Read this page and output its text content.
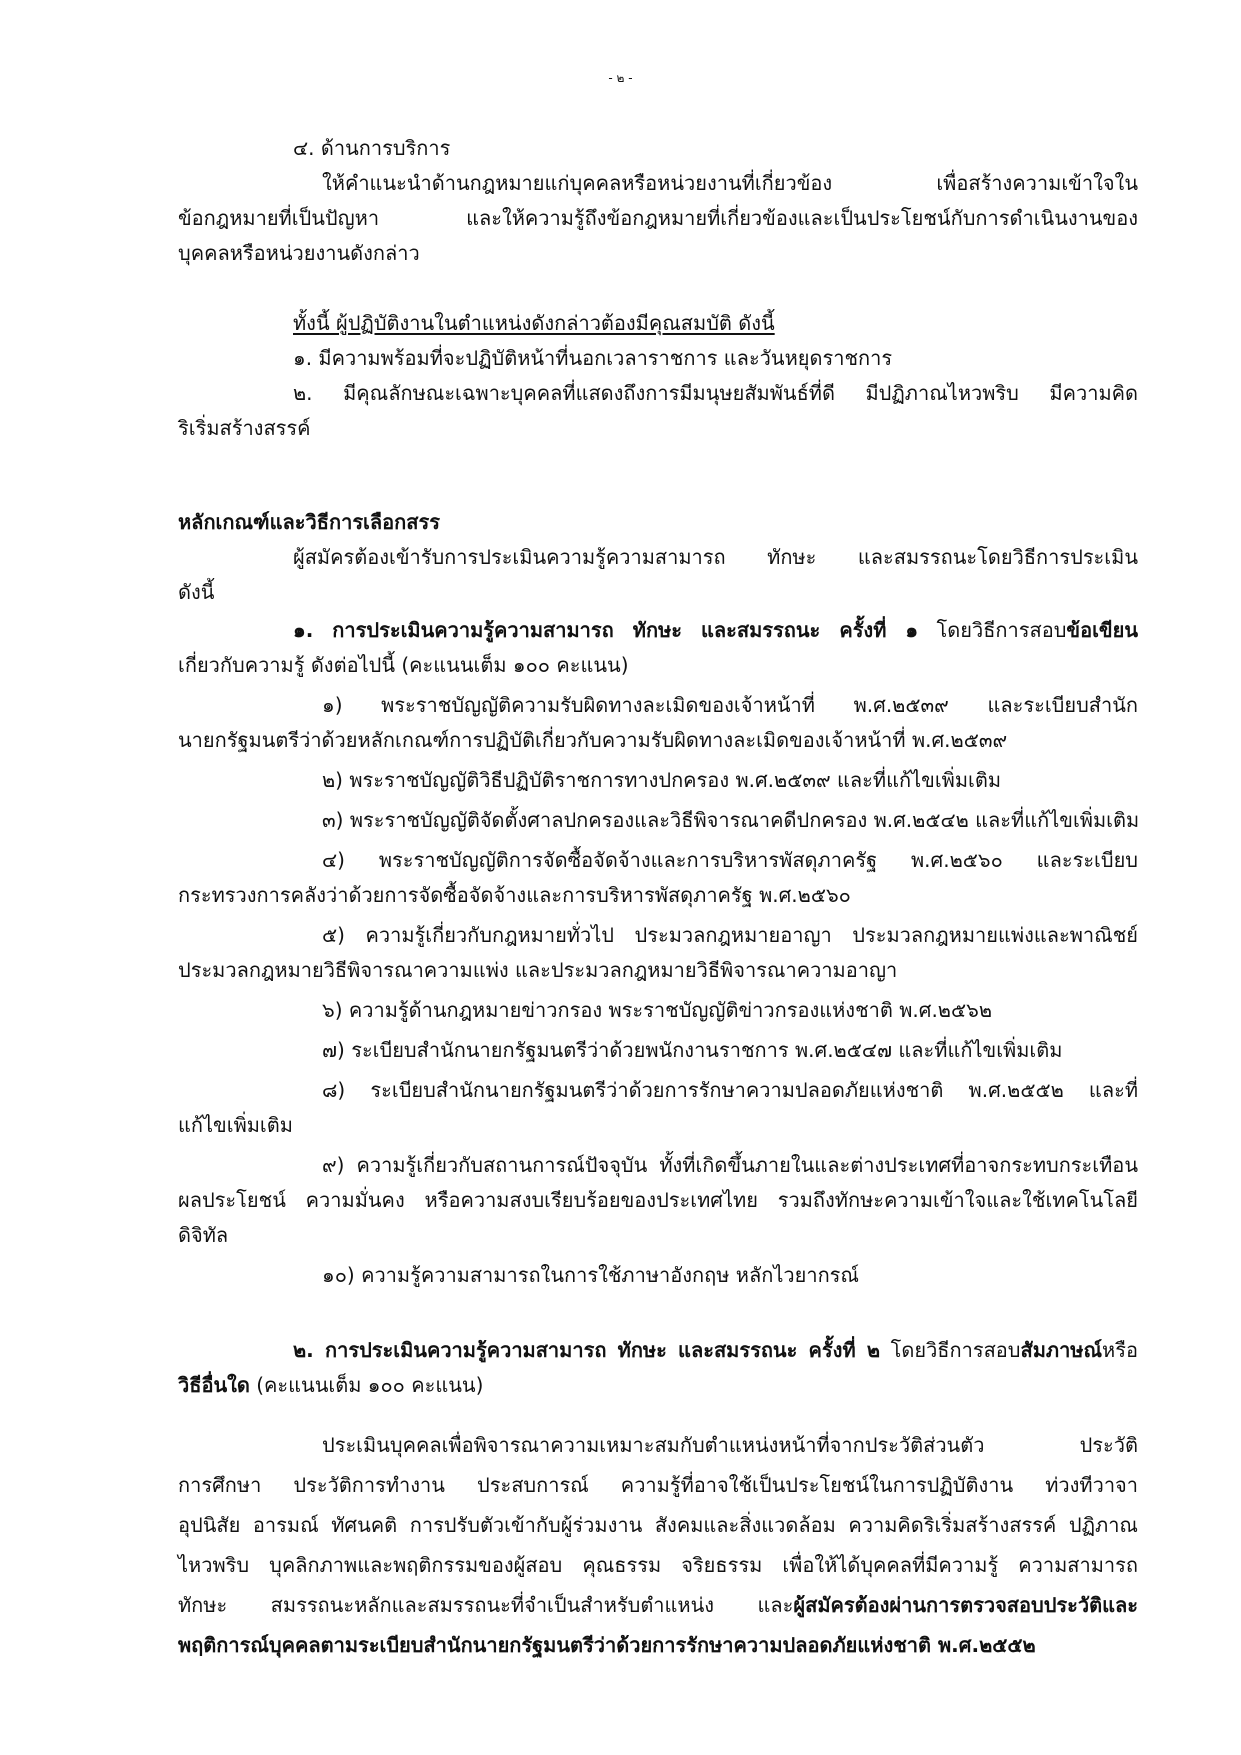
- ๒ -
๔. ด้านการบริการ
ให้คำแนะนำด้านกฎหมายแก่บุคคลหรือหน่วยงานที่เกี่ยวข้อง เพื่อสร้างความเข้าใจใน
ข้อกฎหมายที่เป็นปัญหา และให้ความรู้ถึงข้อกฎหมายที่เกี่ยวข้องและเป็นประโยชน์กับการดำเนินงานของ
บุคคลหรือหน่วยงานดังกล่าว
ทั้งนี้ ผู้ปฏิบัติงานในตำแหน่งดังกล่าวต้องมีคุณสมบัติ ดังนี้
๑. มีความพร้อมที่จะปฏิบัติหน้าที่นอกเวลาราชการ และวันหยุดราชการ
๒. มีคุณลักษณะเฉพาะบุคคลที่แสดงถึงการมีมนุษยสัมพันธ์ที่ดี มีปฏิภาณไหวพริบ มีความคิด
ริเริ่มสร้างสรรค์
หลักเกณฑ์และวิธีการเลือกสรร
ผู้สมัครต้องเข้ารับการประเมินความรู้ความสามารถ ทักษะ และสมรรถนะโดยวิธีการประเมิน
ดังนี้
๑. การประเมินความรู้ความสามารถ ทักษะ และสมรรถนะ ครั้งที่ ๑ โดยวิธีการสอบข้อเขียน
เกี่ยวกับความรู้ ดังต่อไปนี้ (คะแนนเต็ม ๑๐๐ คะแนน)
๑) พระราชบัญญัติความรับผิดทางละเมิดของเจ้าหน้าที่ พ.ศ.๒๕๓๙ และระเบียบสำนัก
นายกรัฐมนตรีว่าด้วยหลักเกณฑ์การปฏิบัติเกี่ยวกับความรับผิดทางละเมิดของเจ้าหน้าที่ พ.ศ.๒๕๓๙
๒) พระราชบัญญัติวิธีปฏิบัติราชการทางปกครอง พ.ศ.๒๕๓๙ และที่แก้ไขเพิ่มเติม
๓) พระราชบัญญัติจัดตั้งศาลปกครองและวิธีพิจารณาคดีปกครอง พ.ศ.๒๕๔๒ และที่แก้ไขเพิ่มเติม
๔) พระราชบัญญัติการจัดซื้อจัดจ้างและการบริหารพัสดุภาครัฐ พ.ศ.๒๕๖๐ และระเบียบ
กระทรวงการคลังว่าด้วยการจัดซื้อจัดจ้างและการบริหารพัสดุภาครัฐ พ.ศ.๒๕๖๐
๕) ความรู้เกี่ยวกับกฎหมายทั่วไป ประมวลกฎหมายอาญา ประมวลกฎหมายแพ่งและพาณิชย์
ประมวลกฎหมายวิธีพิจารณาความแพ่ง และประมวลกฎหมายวิธีพิจารณาความอาญา
๖) ความรู้ด้านกฎหมายข่าวกรอง พระราชบัญญัติข่าวกรองแห่งชาติ พ.ศ.๒๕๖๒
๗) ระเบียบสำนักนายกรัฐมนตรีว่าด้วยพนักงานราชการ พ.ศ.๒๕๔๗ และที่แก้ไขเพิ่มเติม
๘) ระเบียบสำนักนายกรัฐมนตรีว่าด้วยการรักษาความปลอดภัยแห่งชาติ พ.ศ.๒๕๕๒ และที่
แก้ไขเพิ่มเติม
๙) ความรู้เกี่ยวกับสถานการณ์ปัจจุบัน ทั้งที่เกิดขึ้นภายในและต่างประเทศที่อาจกระทบกระเทือน
ผลประโยชน์ ความมั่นคง หรือความสงบเรียบร้อยของประเทศไทย รวมถึงทักษะความเข้าใจและใช้เทคโนโลยี
ดิจิทัล
๑๐) ความรู้ความสามารถในการใช้ภาษาอังกฤษ หลักไวยากรณ์
๒. การประเมินความรู้ความสามารถ ทักษะ และสมรรถนะ ครั้งที่ ๒ โดยวิธีการสอบสัมภาษณ์หรือ
วิธีอื่นใด (คะแนนเต็ม ๑๐๐ คะแนน)
ประเมินบุคคลเพื่อพิจารณาความเหมาะสมกับตำแหน่งหน้าที่จากประวัติส่วนตัว ประวัติ
การศึกษา ประวัติการทำงาน ประสบการณ์ ความรู้ที่อาจใช้เป็นประโยชน์ในการปฏิบัติงาน ท่วงทีวาจา
อุปนิสัย อารมณ์ ทัศนคติ การปรับตัวเข้ากับผู้ร่วมงาน สังคมและสิ่งแวดล้อม ความคิดริเริ่มสร้างสรรค์ ปฏิภาณ
ไหวพริบ บุคลิกภาพและพฤติกรรมของผู้สอบ คุณธรรม จริยธรรม เพื่อให้ได้บุคคลที่มีความรู้ ความสามารถ
ทักษะ สมรรถนะหลักและสมรรถนะที่จำเป็นสำหรับตำแหน่ง และผู้สมัครต้องผ่านการตรวจสอบประวัติและ
พฤติการณ์บุคคลตามระเบียบสำนักนายกรัฐมนตรีว่าด้วยการรักษาความปลอดภัยแห่งชาติ พ.ศ.๒๕๕๒
